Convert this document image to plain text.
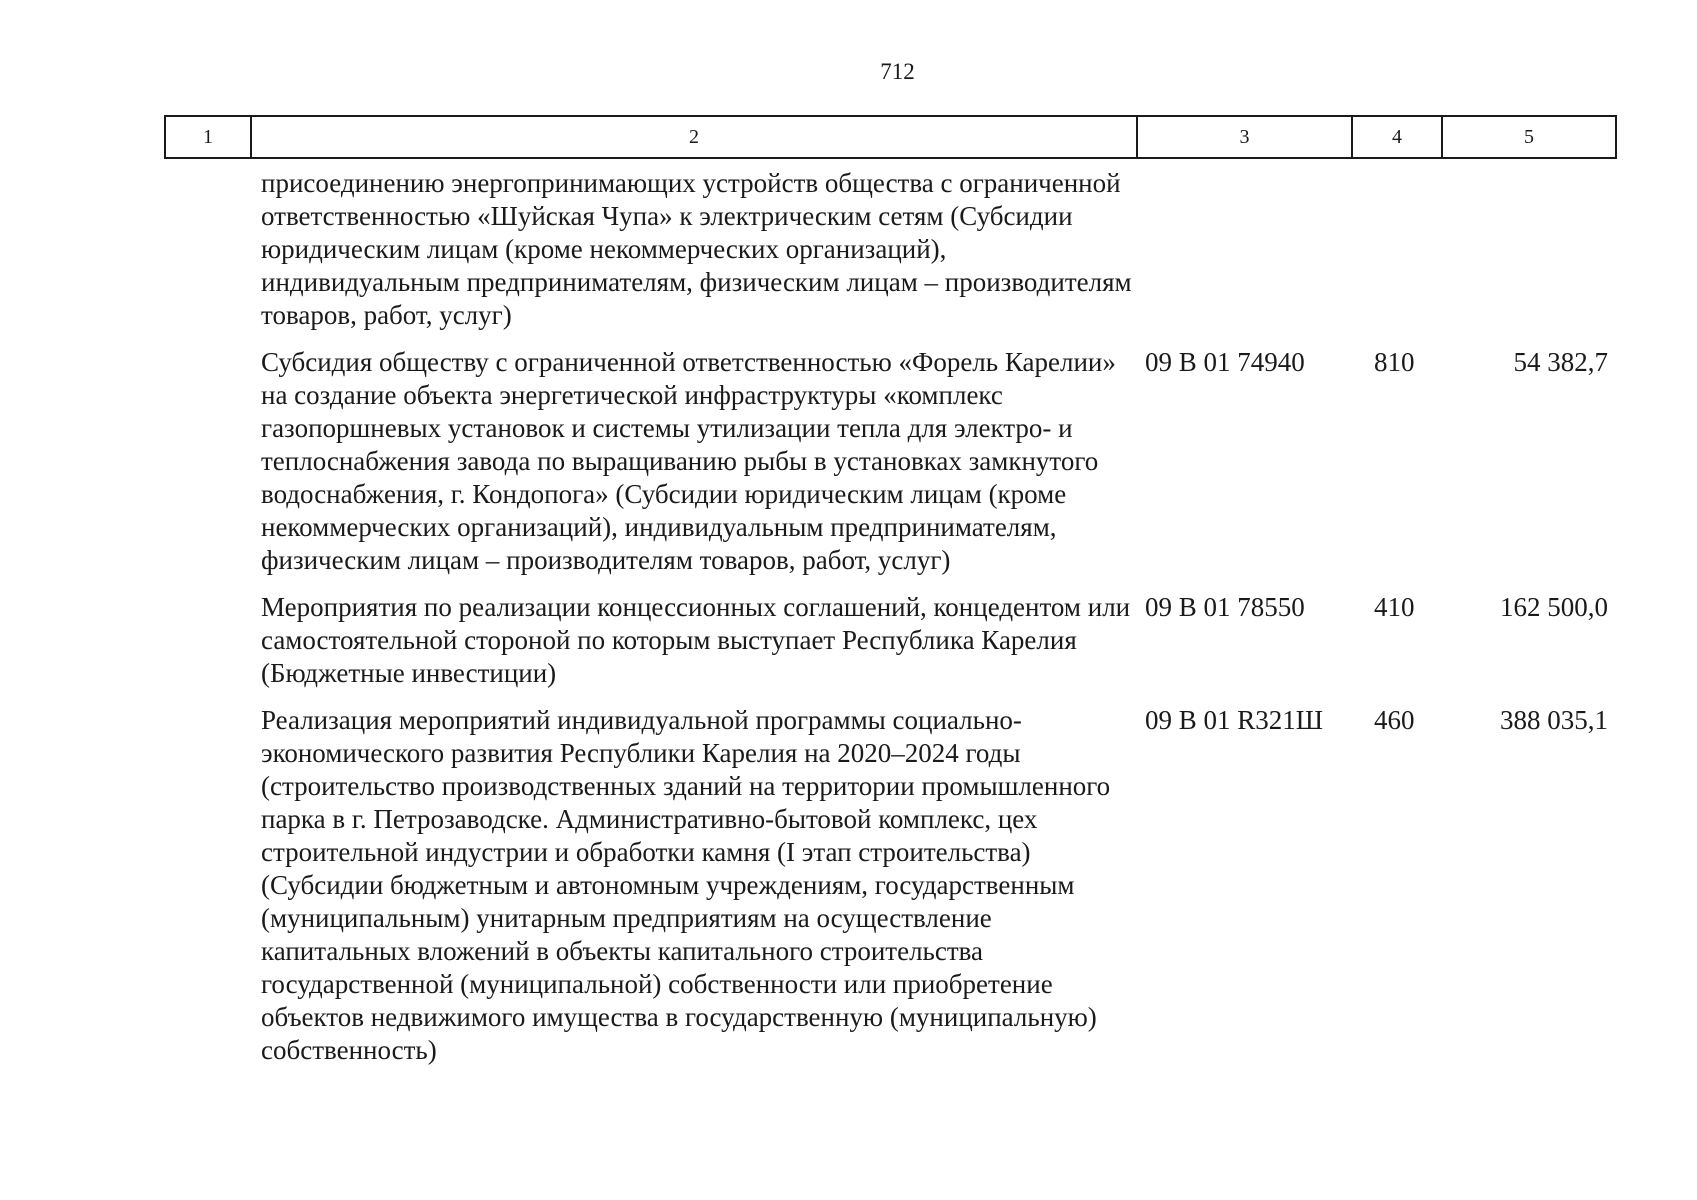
712
1	2	3	4	5
	присоединению энергопринимающих устройств общества с ограниченной ответственностью «Шуйская Чупа» к электрическим сетям (Субсидии юридическим лицам (кроме некоммерческих организаций), индивидуальным предпринимателям, физическим лицам – производителям товаров, работ, услуг)			
	Субсидия обществу с ограниченной ответственностью «Форель Карелии» на создание объекта энергетической инфраструктуры «комплекс газопоршневых установок и системы утилизации тепла для электро- и теплоснабжения завода по выращиванию рыбы в установках замкнутого водоснабжения, г. Кондопога» (Субсидии юридическим лицам (кроме некоммерческих организаций), индивидуальным предпринимателям, физическим лицам – производителям товаров, работ, услуг)	09 В 01 74940	810	54 382,7
	Мероприятия по реализации концессионных соглашений, концедентом или самостоятельной стороной по которым выступает Республика Карелия (Бюджетные инвестиции)	09 В 01 78550	410	162 500,0
	Реализация мероприятий индивидуальной программы социально-экономического развития Республики Карелия на 2020–2024 годы (строительство производственных зданий на территории промышленного парка в г. Петрозаводске. Административно-бытовой комплекс, цех строительной индустрии и обработки камня (I этап строительства) (Субсидии бюджетным и автономным учреждениям, государственным (муниципальным) унитарным предприятиям на осуществление капитальных вложений в объекты капитального строительства государственной (муниципальной) собственности или приобретение объектов недвижимого имущества в государственную (муниципальную) собственность)	09 В 01 R321Ш	460	388 035,1
